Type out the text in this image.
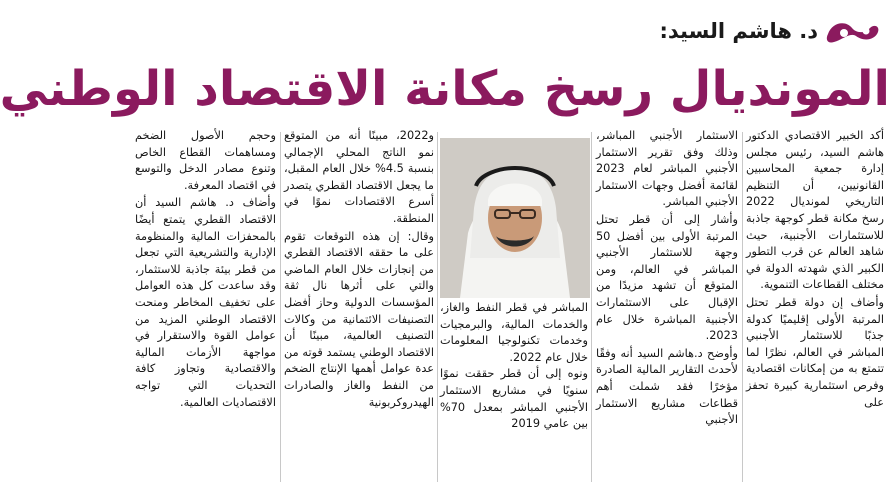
د. هاشم السيد:
المونديال رسخ مكانة الاقتصاد الوطني

أكد الخبير الاقتصادي الدكتور هاشم السيد، رئيس مجلس إدارة جمعية المحاسبين القانونيين، أن التنظيم التاريخي لمونديال 2022 رسخ مكانة قطر كوجهة جاذبة للاستثمارات الأجنبية، حيث شاهد العالم عن قرب التطور الكبير الذي شهدته الدولة في مختلف القطاعات التنموية.

وأضاف إن دولة قطر تحتل المرتبة الأولى إقليميًا كدولة جذبًا للاستثمار الأجنبي المباشر في العالم، نظرًا لما تتمتع به من إمكانات اقتصادية وفرص استثمارية كبيرة تحفز على

الاستثمار الأجنبي المباشر، وذلك وفق تقرير الاستثمار الأجنبي المباشر لعام 2023 لقائمة أفضل وجهات الاستثمار الأجنبي المباشر.

وأشار إلى أن قطر تحتل المرتبة الأولى بين أفضل 50 وجهة للاستثمار الأجنبي المباشر في العالم، ومن المتوقع أن تشهد مزيدًا من الإقبال على الاستثمارات الأجنبية المباشرة خلال عام 2023.

وأوضح د.هاشم السيد أنه وفقًا لأحدث التقارير المالية الصادرة مؤخرًا فقد شملت أهم قطاعات مشاريع الاستثمار الأجنبي

المباشر في قطر النفط والغاز، والخدمات المالية، والبرمجيات وخدمات تكنولوجيا المعلومات خلال عام 2022.

ونوه إلى أن قطر حققت نموًا سنويًا في مشاريع الاستثمار الأجنبي المباشر بمعدل 70% بين عامي 2019

و2022، مبينًا أنه من المتوقع نمو الناتج المحلي الإجمالي بنسبة 4.5% خلال العام المقبل، ما يجعل الاقتصاد القطري يتصدر أسرع الاقتصادات نموًا في المنطقة.

وقال: إن هذه التوقعات تقوم على ما حققه الاقتصاد القطري من إنجازات خلال العام الماضي والتي على أثرها نال ثقة المؤسسات الدولية وحاز أفضل التصنيفات الائتمانية من وكالات التصنيف العالمية، مبينًا أن الاقتصاد الوطني يستمد قوته من عدة عوامل أهمها الإنتاج الضخم من النفط والغاز والصادرات الهيدروكربونية

وحجم الأصول الضخم ومساهمات القطاع الخاص وتنوع مصادر الدخل والتوسع في اقتصاد المعرفة.

وأضاف د. هاشم السيد أن الاقتصاد القطري يتمتع أيضًا بالمحفزات المالية والمنظومة الإدارية والتشريعية التي تجعل من قطر بيئة جاذبة للاستثمار، وقد ساعدت كل هذه العوامل على تخفيف المخاطر ومنحت الاقتصاد الوطني المزيد من عوامل القوة والاستقرار في مواجهة الأزمات المالية والاقتصادية وتجاوز كافة التحديات التي تواجه الاقتصاديات العالمية.
